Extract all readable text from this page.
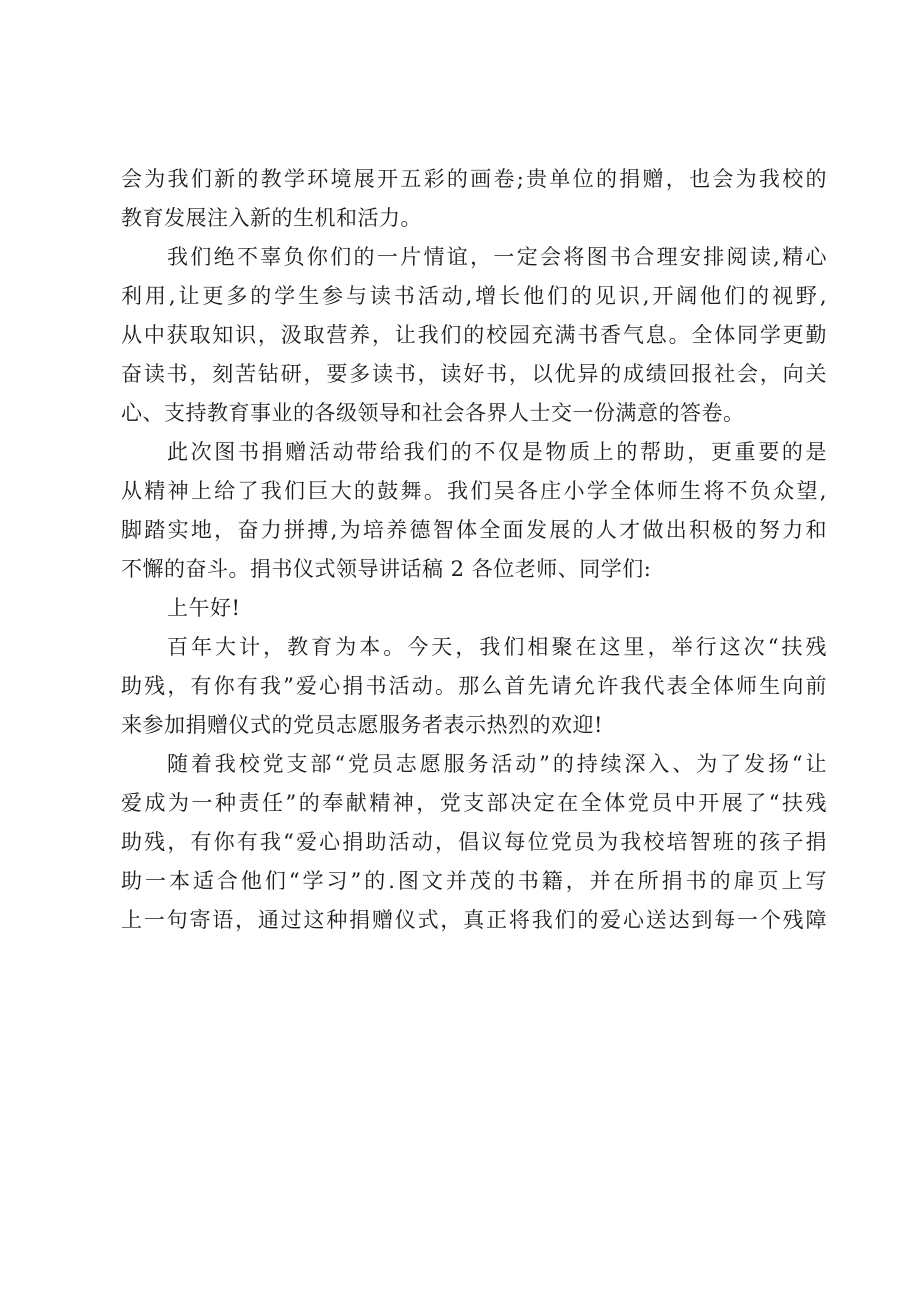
会为我们新的教学环境展开五彩的画卷;贵单位的捐赠，也会为我校的
教育发展注入新的生机和活力。
我们绝不辜负你们的一片情谊，一定会将图书合理安排阅读,精心
利用,让更多的学生参与读书活动,增长他们的见识,开阔他们的视野,
从中获取知识，汲取营养，让我们的校园充满书香气息。全体同学更勤
奋读书，刻苦钻研，要多读书，读好书，以优异的成绩回报社会，向关
心、支持教育事业的各级领导和社会各界人士交一份满意的答卷。
此次图书捐赠活动带给我们的不仅是物质上的帮助，更重要的是
从精神上给了我们巨大的鼓舞。我们吴各庄小学全体师生将不负众望,
脚踏实地，奋力拼搏,为培养德智体全面发展的人才做出积极的努力和
不懈的奋斗。捐书仪式领导讲话稿 2 各位老师、同学们:
上午好!
百年大计，教育为本。今天，我们相聚在这里，举行这次“扶残
助残，有你有我”爱心捐书活动。那么首先请允许我代表全体师生向前
来参加捐赠仪式的党员志愿服务者表示热烈的欢迎!
随着我校党支部“党员志愿服务活动”的持续深入、为了发扬“让
爱成为一种责任”的奉献精神，党支部决定在全体党员中开展了“扶残
助残，有你有我“爱心捐助活动，倡议每位党员为我校培智班的孩子捐
助一本适合他们“学习”的.图文并茂的书籍，并在所捐书的扉页上写
上一句寄语，通过这种捐赠仪式，真正将我们的爱心送达到每一个残障
